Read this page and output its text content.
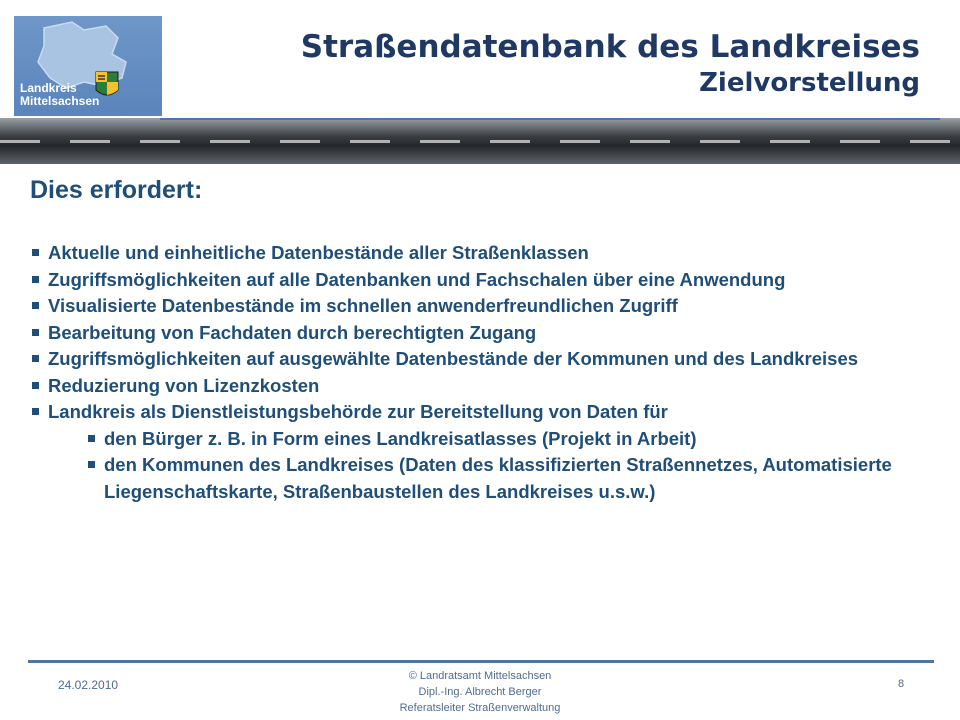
Landkreis
Mittelsachsen
Straßendatenbank des Landkreises
Zielvorstellung
Dies erfordert:
Aktuelle und einheitliche Datenbestände aller Straßenklassen
Zugriffsmöglichkeiten auf alle Datenbanken und Fachschalen über eine Anwendung
Visualisierte Datenbestände im schnellen anwenderfreundlichen Zugriff
Bearbeitung von Fachdaten durch berechtigten Zugang
Zugriffsmöglichkeiten auf ausgewählte Datenbestände der Kommunen und des Landkreises
Reduzierung von Lizenzkosten
Landkreis als Dienstleistungsbehörde zur Bereitstellung von Daten für
den Bürger z. B. in Form eines Landkreisatlasses (Projekt in Arbeit)
den Kommunen des Landkreises (Daten des klassifizierten Straßennetzes, Automatisierte Liegenschaftskarte, Straßenbaustellen des Landkreises u.s.w.)
24.02.2010
© Landratsamt Mittelsachsen
Dipl.-Ing. Albrecht Berger
Referatsleiter Straßenverwaltung
8
